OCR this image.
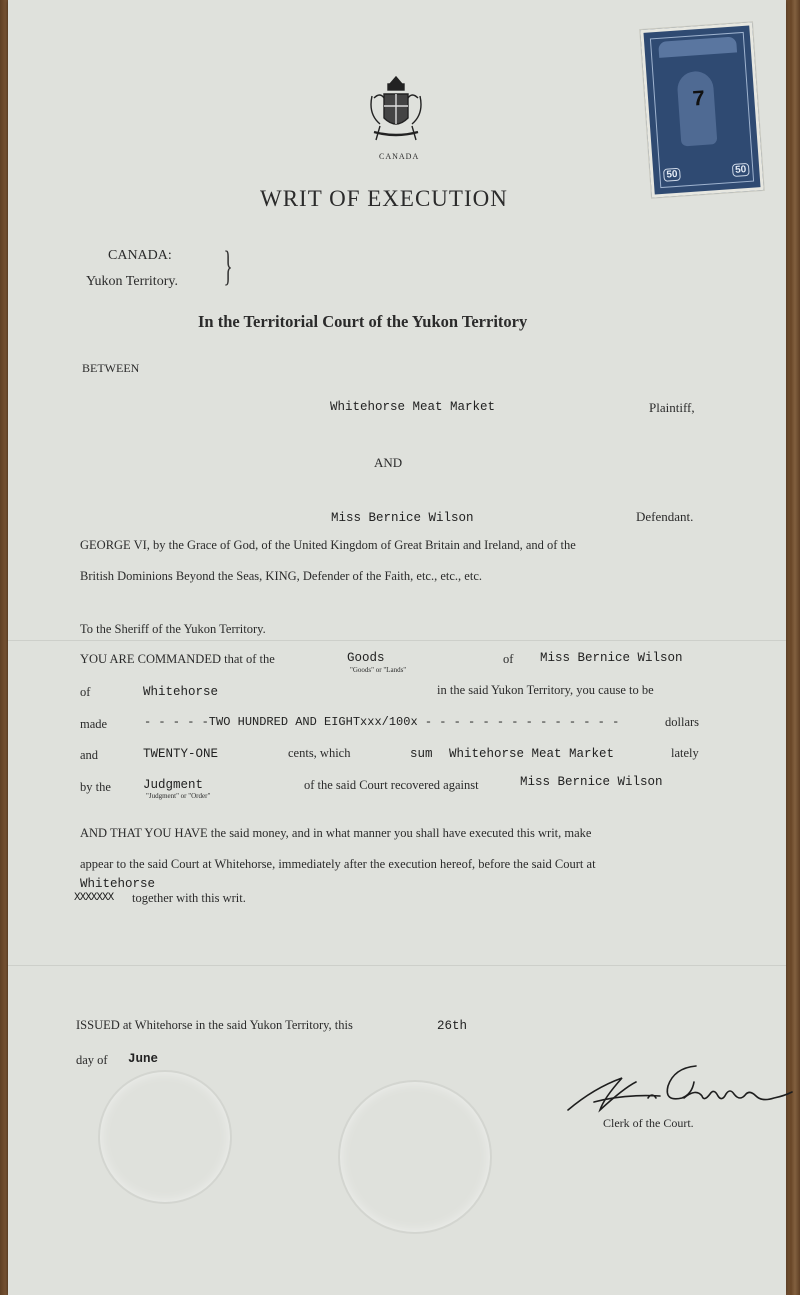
CANADA
7
50	50
WRIT OF EXECUTION
CANADA:
Yukon Territory. }
In the Territorial Court of the Yukon Territory
BETWEEN
Whitehorse Meat Market	Plaintiff,
AND
Miss Bernice Wilson	Defendant.
GEORGE VI, by the Grace of God, of the United Kingdom of Great Britain and Ireland, and of the
British Dominions Beyond the Seas, KING, Defender of the Faith, etc., etc., etc.
To the Sheriff of the Yukon Territory.
YOU ARE COMMANDED that of the	Goods
"Goods" or "Lands"
of Miss Bernice Wilson
of	Whitehorse	in the said Yukon Territory, you cause to be
made	- - - - -TWO HUNDRED AND EIGHTxxx/100x - - - - - - - - - - - - - -	dollars
and	TWENTY-ONE	cents, which	sum Whitehorse Meat Market	lately
by the	Judgment
"Judgment" or "Order"
of the said Court recovered against	Miss Bernice Wilson
AND THAT YOU HAVE the said money, and in what manner you shall have executed this writ, make
appear to the said Court at Whitehorse, immediately after the execution hereof, before the said Court at
Whitehorse
XXXXXXX together with this writ.
ISSUED at Whitehorse in the said Yukon Territory, this	26th
day of June
Clerk of the Court.
